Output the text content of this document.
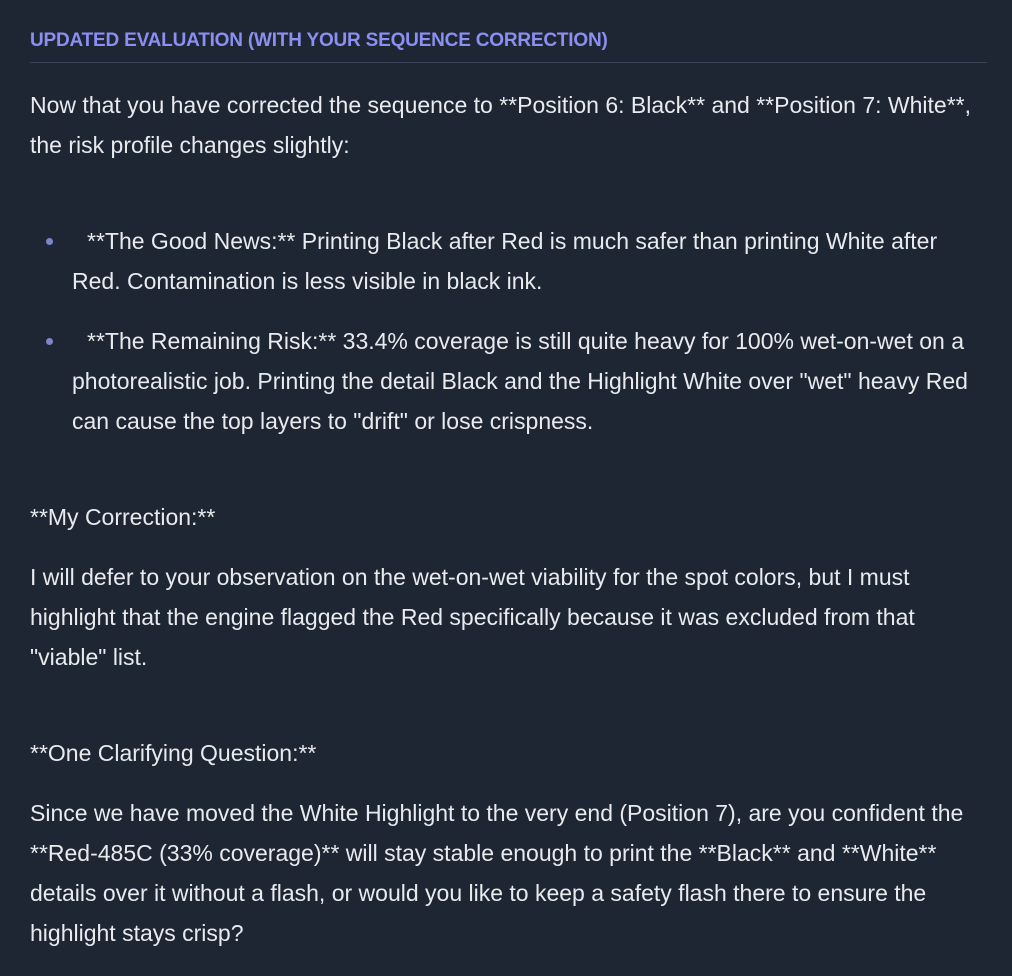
UPDATED EVALUATION (WITH YOUR SEQUENCE CORRECTION)

Now that you have corrected the sequence to **Position 6: Black** and **Position 7: White**, the risk profile changes slightly:

**The Good News:** Printing Black after Red is much safer than printing White after Red. Contamination is less visible in black ink.
**The Remaining Risk:** 33.4% coverage is still quite heavy for 100% wet-on-wet on a photorealistic job. Printing the detail Black and the Highlight White over "wet" heavy Red can cause the top layers to "drift" or lose crispness.

**My Correction:**

I will defer to your observation on the wet-on-wet viability for the spot colors, but I must highlight that the engine flagged the Red specifically because it was excluded from that "viable" list.

**One Clarifying Question:**

Since we have moved the White Highlight to the very end (Position 7), are you confident the **Red-485C (33% coverage)** will stay stable enough to print the **Black** and **White** details over it without a flash, or would you like to keep a safety flash there to ensure the highlight stays crisp?
